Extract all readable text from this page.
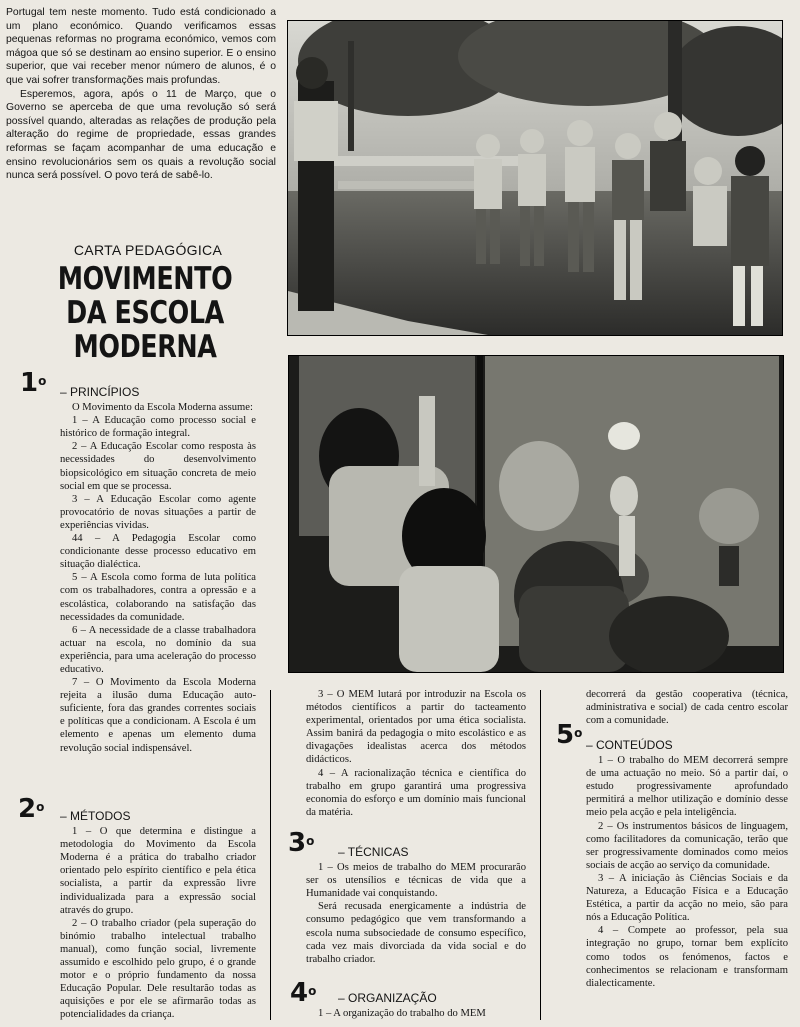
Portugal tem neste momento. Tudo está condicionado a um plano económico. Quando verificamos essas pequenas reformas no programa económico, vemos com mágoa que só se destinam ao ensino superior. E o ensino superior, que vai receber menor número de alunos, é o que vai sofrer transformações mais profundas.

Esperemos, agora, após o 11 de Março, que o Governo se aperceba de que uma revolução só será possível quando, alteradas as relações de produção pela alteração do regime de propriedade, essas grandes reformas se façam acompanhar de uma educação e ensino revolucionários sem os quais a revolução social nunca será possível. O povo terá de sabê-lo.

CARTA PEDAGÓGICA
MOVIMENTO
DA ESCOLA
MODERNA
1$^o$
– PRINCÍPIOS

O Movimento da Escola Moderna assume:

1 – A Educação como processo social e histórico de formação integral.

2 – A Educação Escolar como resposta às necessidades do desenvolvimento biopsicológico em situação concreta de meio social em que se processa.

3 – A Educação Escolar como agente provocatório de novas situações a partir de experiências vividas.

44 – A Pedagogia Escolar como condicionante desse processo educativo em situação dialéctica.

5 – A Escola como forma de luta política com os trabalhadores, contra a opressão e a escolástica, colaborando na satisfação das necessidades da comunidade.

6 – A necessidade de a classe trabalhadora actuar na escola, no domínio da sua experiência, para uma aceleração do processo educativo.

7 – O Movimento da Escola Moderna rejeita a ilusão duma Educação auto-suficiente, fora das grandes correntes sociais e políticas que a condicionam. A Escola é um elemento e apenas um elemento duma revolução social indispensável.

2$^o$
– MÉTODOS

1 – O que determina e distingue a metodologia do Movimento da Escola Moderna é a prática do trabalho criador orientado pelo espírito científico e pela ética socialista, a partir da expressão livre individualizada para a expressão social através do grupo.

2 – O trabalho criador (pela superação do binómio trabalho intelectual trabalho manual), como função social, livremente assumido e escolhido pelo grupo, é o grande motor e o próprio fundamento da nossa Educação Popular. Dele resultarão todas as aquisições e por ele se afirmarão todas as potencialidades da criança.

3 – O MEM lutará por introduzir na Escola os métodos científicos a partir do tacteamento experimental, orientados por uma ética socialista. Assim banirá da pedagogia o mito escolástico e as divagações idealistas acerca dos métodos didácticos.

4 – A racionalização técnica e científica do trabalho em grupo garantirá uma progressiva economia do esforço e um domínio mais funcional da matéria.

3$^o$
– TÉCNICAS

1 – Os meios de trabalho do MEM procurarão ser os utensílios e técnicas de vida que a Humanidade vai conquistando.

Será recusada energicamente a indústria de consumo pedagógico que vem transformando a escola numa subsociedade de consumo específico, cada vez mais divorciada da vida social e do trabalho criador.

4$^o$ – ORGANIZAÇÃO

1 – A organização do trabalho do MEM

decorrerá da gestão cooperativa (técnica, administrativa e social) de cada centro escolar com a comunidade.

5$^o$
– CONTEÚDOS

1 – O trabalho do MEM decorrerá sempre de uma actuação no meio. Só a partir daí, o estudo progressivamente aprofundado permitirá a melhor utilização e domínio desse meio pela acção e pela inteligência.

2 – Os instrumentos básicos de linguagem, como facilitadores da comunicação, terão que ser progressivamente dominados como meios sociais de acção ao serviço da comunidade.

3 – A iniciação às Ciências Sociais e da Natureza, a Educação Física e a Educação Estética, a partir da acção no meio, são para nós a Educação Política.

4 – Compete ao professor, pela sua integração no grupo, tornar bem explícito como todos os fenómenos, factos e conhecimentos se relacionam e transformam dialecticamente.
